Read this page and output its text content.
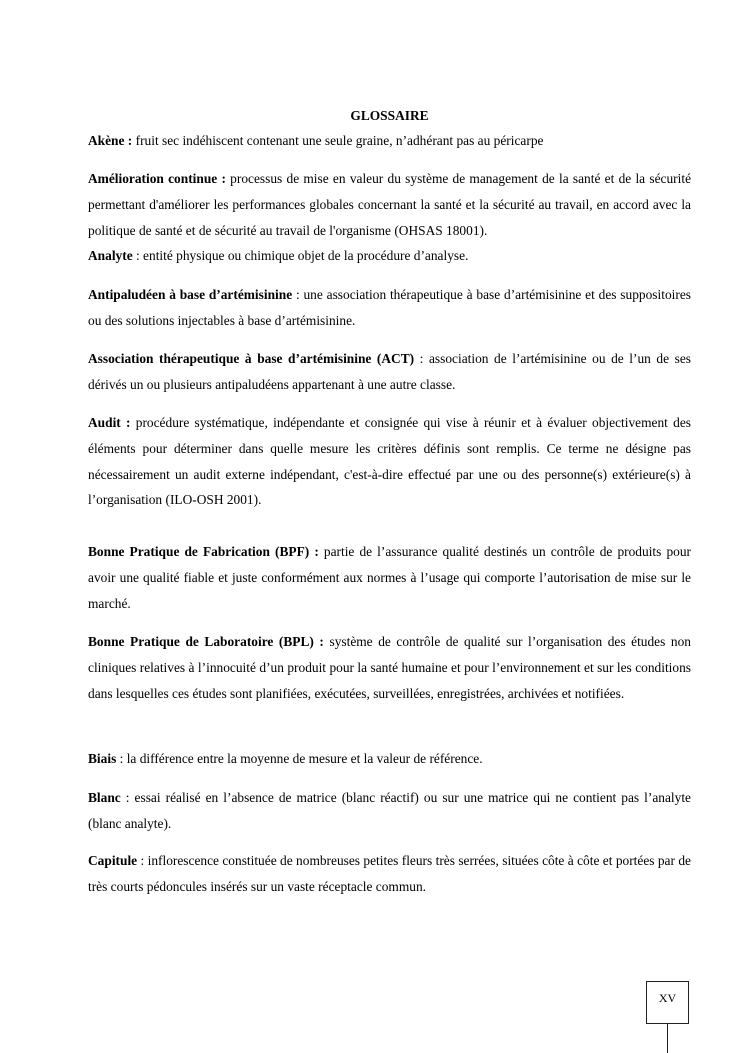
GLOSSAIRE

Akène : fruit sec indéhiscent contenant une seule graine, n’adhérant pas au péricarpe

Amélioration continue : processus de mise en valeur du système de management de la santé et de la sécurité permettant d'améliorer les performances globales concernant la santé et la sécurité au travail, en accord avec la politique de santé et de sécurité au travail de l'organisme (OHSAS 18001).

Analyte : entité physique ou chimique objet de la procédure d’analyse.

Antipaludéen à base d’artémisinine : une association thérapeutique à base d’artémisinine et des suppositoires ou des solutions injectables à base d’artémisinine.

Association thérapeutique à base d’artémisinine (ACT) : association de l’artémisinine ou de l’un de ses dérivés un ou plusieurs antipaludéens appartenant à une autre classe.

Audit : procédure systématique, indépendante et consignée qui vise à réunir et à évaluer objectivement des éléments pour déterminer dans quelle mesure les critères définis sont remplis. Ce terme ne désigne pas nécessairement un audit externe indépendant, c'est-à-dire effectué par une ou des personne(s) extérieure(s) à l’organisation (ILO-OSH 2001).

Bonne Pratique de Fabrication (BPF) : partie de l’assurance qualité destinés un contrôle de produits pour avoir une qualité fiable et juste conformément aux normes à l’usage qui comporte l’autorisation de mise sur le marché.

Bonne Pratique de Laboratoire (BPL) : système de contrôle de qualité sur l’organisation des études non cliniques relatives à l’innocuité d’un produit pour la santé humaine et pour l’environnement et sur les conditions dans lesquelles ces études sont planifiées, exécutées, surveillées, enregistrées, archivées et notifiées.

Biais : la différence entre la moyenne de mesure et la valeur de référence.

Blanc : essai réalisé en l’absence de matrice (blanc réactif) ou sur une matrice qui ne contient pas l’analyte (blanc analyte).

Capitule : inflorescence constituée de nombreuses petites fleurs très serrées, situées côte à côte et portées par de très courts pédoncules insérés sur un vaste réceptacle commun.

XV
